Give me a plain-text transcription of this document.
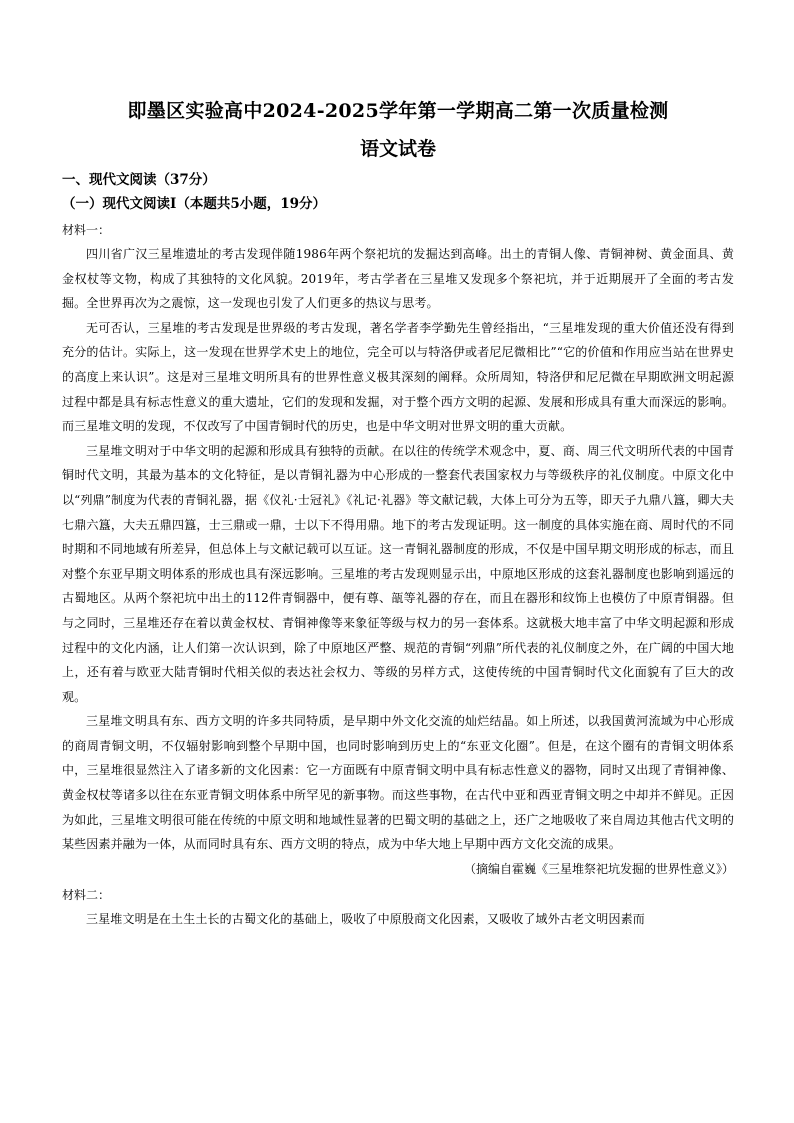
即墨区实验高中2024-2025学年第一学期高二第一次质量检测
语文试卷

一、现代文阅读（37分）

（一）现代文阅读Ⅰ（本题共5小题，19分）

材料一：

四川省广汉三星堆遗址的考古发现伴随1986年两个祭祀坑的发掘达到高峰。出土的青铜人像、青铜神树、黄金面具、黄金权杖等文物，构成了其独特的文化风貌。2019年，考古学者在三星堆又发现多个祭祀坑，并于近期展开了全面的考古发掘。全世界再次为之震惊，这一发现也引发了人们更多的热议与思考。

无可否认，三星堆的考古发现是世界级的考古发现，著名学者李学勤先生曾经指出，“三星堆发现的重大价值还没有得到充分的估计。实际上，这一发现在世界学术史上的地位，完全可以与特洛伊或者尼尼微相比”“它的价值和作用应当站在世界史的高度上来认识”。这是对三星堆文明所具有的世界性意义极其深刻的阐释。众所周知，特洛伊和尼尼微在早期欧洲文明起源过程中都是具有标志性意义的重大遗址，它们的发现和发掘，对于整个西方文明的起源、发展和形成具有重大而深远的影响。而三星堆文明的发现，不仅改写了中国青铜时代的历史，也是中华文明对世界文明的重大贡献。

三星堆文明对于中华文明的起源和形成具有独特的贡献。在以往的传统学术观念中，夏、商、周三代文明所代表的中国青铜时代文明，其最为基本的文化特征，是以青铜礼器为中心形成的一整套代表国家权力与等级秩序的礼仪制度。中原文化中以“列鼎”制度为代表的青铜礼器，据《仪礼·士冠礼》《礼记·礼器》等文献记载，大体上可分为五等，即天子九鼎八簋，卿大夫七鼎六簋，大夫五鼎四簋，士三鼎或一鼎，士以下不得用鼎。地下的考古发现证明。这一制度的具体实施在商、周时代的不同时期和不同地域有所差异，但总体上与文献记载可以互证。这一青铜礼器制度的形成，不仅是中国早期文明形成的标志，而且对整个东亚早期文明体系的形成也具有深远影响。三星堆的考古发现则显示出，中原地区形成的这套礼器制度也影响到遥远的古蜀地区。从两个祭祀坑中出土的112件青铜器中，便有尊、瓿等礼器的存在，而且在器形和纹饰上也模仿了中原青铜器。但与之同时，三星堆还存在着以黄金权杖、青铜神像等来象征等级与权力的另一套体系。这就极大地丰富了中华文明起源和形成过程中的文化内涵，让人们第一次认识到，除了中原地区严整、规范的青铜“列鼎”所代表的礼仪制度之外，在广阔的中国大地上，还有着与欧亚大陆青铜时代相关似的表达社会权力、等级的另样方式，这使传统的中国青铜时代文化面貌有了巨大的改观。

三星堆文明具有东、西方文明的许多共同特质，是早期中外文化交流的灿烂结晶。如上所述，以我国黄河流域为中心形成的商周青铜文明，不仅辐射影响到整个早期中国，也同时影响到历史上的“东亚文化圈”。但是，在这个圈有的青铜文明体系中，三星堆很显然注入了诸多新的文化因素：它一方面既有中原青铜文明中具有标志性意义的器物，同时又出现了青铜神像、黄金权杖等诸多以往在东亚青铜文明体系中所罕见的新事物。而这些事物，在古代中亚和西亚青铜文明之中却并不鲜见。正因为如此，三星堆文明很可能在传统的中原文明和地域性显著的巴蜀文明的基础之上，还广之地吸收了来自周边其他古代文明的某些因素并融为一体，从而同时具有东、西方文明的特点，成为中华大地上早期中西方文化交流的成果。

（摘编自霍巍《三星堆祭祀坑发掘的世界性意义》）

材料二：

三星堆文明是在土生土长的古蜀文化的基础上，吸收了中原殷商文化因素，又吸收了域外古老文明因素而
